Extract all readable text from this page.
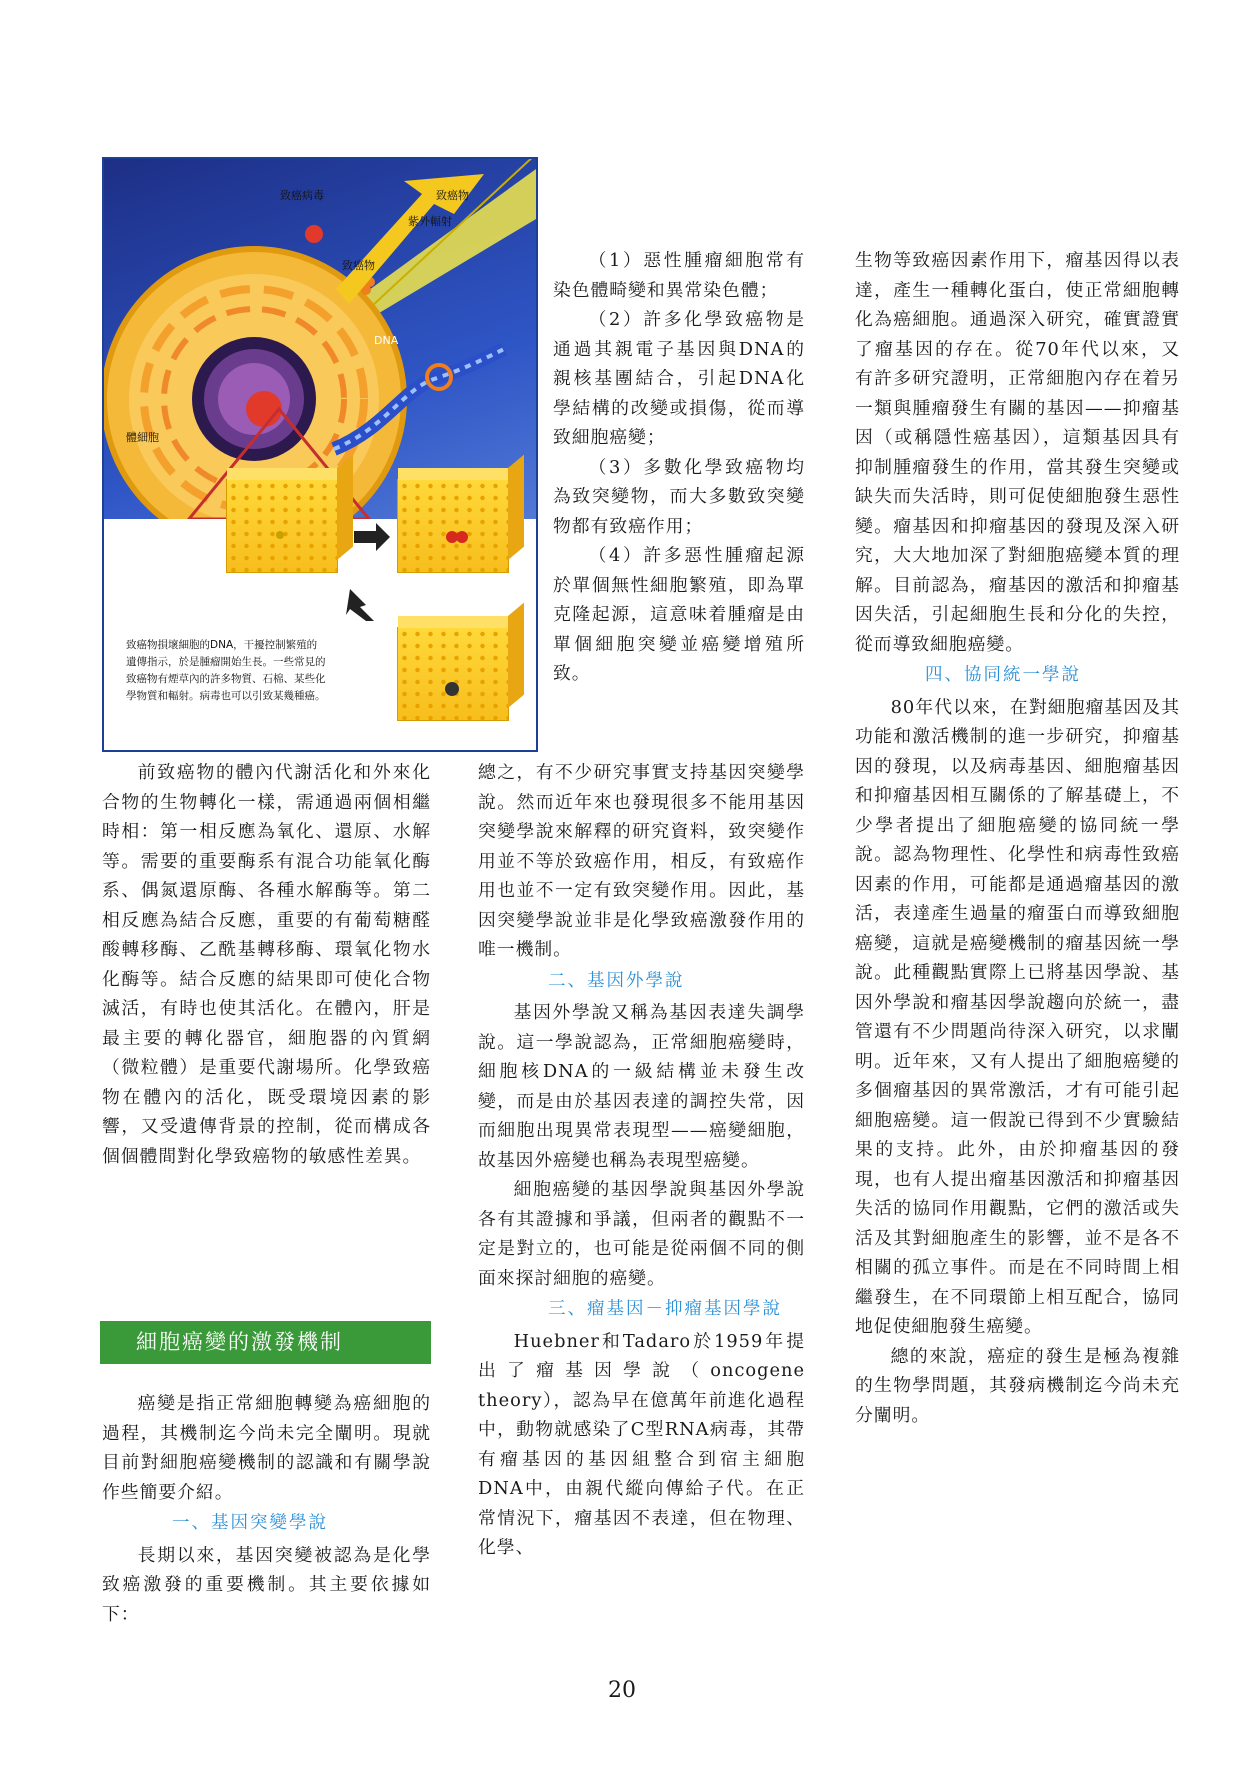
致癌病毒	致癌物
紫外輻射
致癌物
DNA
體細胞
致癌物損壞細胞的DNA，干擾控制繁殖的遺傳指示，於是腫瘤開始生長。一些常見的致癌物有煙草內的許多物質、石棉、某些化學物質和輻射。病毒也可以引致某幾種癌。

前致癌物的體內代謝活化和外來化合物的生物轉化一樣，需通過兩個相繼時相：第一相反應為氧化、還原、水解等。需要的重要酶系有混合功能氧化酶系、偶氮還原酶、各種水解酶等。第二相反應為結合反應，重要的有葡萄糖醛酸轉移酶、乙酰基轉移酶、環氧化物水化酶等。結合反應的結果即可使化合物滅活，有時也使其活化。在體內，肝是最主要的轉化器官，細胞器的內質網（微粒體）是重要代謝場所。化學致癌物在體內的活化，既受環境因素的影響，又受遺傳背景的控制，從而構成各個個體間對化學致癌物的敏感性差異。

細胞癌變的激發機制

癌變是指正常細胞轉變為癌細胞的過程，其機制迄今尚未完全闡明。現就目前對細胞癌變機制的認識和有關學說作些簡要介紹。

一、基因突變學說

長期以來，基因突變被認為是化學致癌激發的重要機制。其主要依據如下：

（1）惡性腫瘤細胞常有染色體畸變和異常染色體；

（2）許多化學致癌物是通過其親電子基因與DNA的親核基團結合，引起DNA化學結構的改變或損傷，從而導致細胞癌變；

（3）多數化學致癌物均為致突變物，而大多數致突變物都有致癌作用；

（4）許多惡性腫瘤起源於單個無性細胞繁殖，即為單克隆起源，這意味着腫瘤是由單個細胞突變並癌變增殖所致。

總之，有不少研究事實支持基因突變學說。然而近年來也發現很多不能用基因突變學說來解釋的研究資料，致突變作用並不等於致癌作用，相反，有致癌作用也並不一定有致突變作用。因此，基因突變學說並非是化學致癌激發作用的唯一機制。

二、基因外學說

基因外學說又稱為基因表達失調學說。這一學說認為，正常細胞癌變時，細胞核DNA的一級結構並未發生改變，而是由於基因表達的調控失常，因而細胞出現異常表現型——癌變細胞，故基因外癌變也稱為表現型癌變。

細胞癌變的基因學說與基因外學說各有其證據和爭議，但兩者的觀點不一定是對立的，也可能是從兩個不同的側面來探討細胞的癌變。

三、瘤基因－抑瘤基因學說

Huebner和Tadaro於1959年提出了瘤基因學說（oncogene theory），認為早在億萬年前進化過程中，動物就感染了C型RNA病毒，其帶有瘤基因的基因組整合到宿主細胞DNA中，由親代縱向傳給子代。在正常情況下，瘤基因不表達，但在物理、化學、

生物等致癌因素作用下，瘤基因得以表達，產生一種轉化蛋白，使正常細胞轉化為癌細胞。通過深入研究，確實證實了瘤基因的存在。從70年代以來，又有許多研究證明，正常細胞內存在着另一類與腫瘤發生有關的基因——抑瘤基因（或稱隱性癌基因），這類基因具有抑制腫瘤發生的作用，當其發生突變或缺失而失活時，則可促使細胞發生惡性變。瘤基因和抑瘤基因的發現及深入研究，大大地加深了對細胞癌變本質的理解。目前認為，瘤基因的激活和抑瘤基因失活，引起細胞生長和分化的失控，從而導致細胞癌變。

四、協同統一學說

80年代以來，在對細胞瘤基因及其功能和激活機制的進一步研究，抑瘤基因的發現，以及病毒基因、細胞瘤基因和抑瘤基因相互關係的了解基礎上，不少學者提出了細胞癌變的協同統一學說。認為物理性、化學性和病毒性致癌因素的作用，可能都是通過瘤基因的激活，表達產生過量的瘤蛋白而導致細胞癌變，這就是癌變機制的瘤基因統一學說。此種觀點實際上已將基因學說、基因外學說和瘤基因學說趨向於統一，盡管還有不少問題尚待深入研究，以求闡明。近年來，又有人提出了細胞癌變的多個瘤基因的異常激活，才有可能引起細胞癌變。這一假說已得到不少實驗結果的支持。此外，由於抑瘤基因的發現，也有人提出瘤基因激活和抑瘤基因失活的協同作用觀點，它們的激活或失活及其對細胞產生的影響，並不是各不相關的孤立事件。而是在不同時間上相繼發生，在不同環節上相互配合，協同地促使細胞發生癌變。

總的來說，癌症的發生是極為複雜的生物學問題，其發病機制迄今尚未充分闡明。

20
